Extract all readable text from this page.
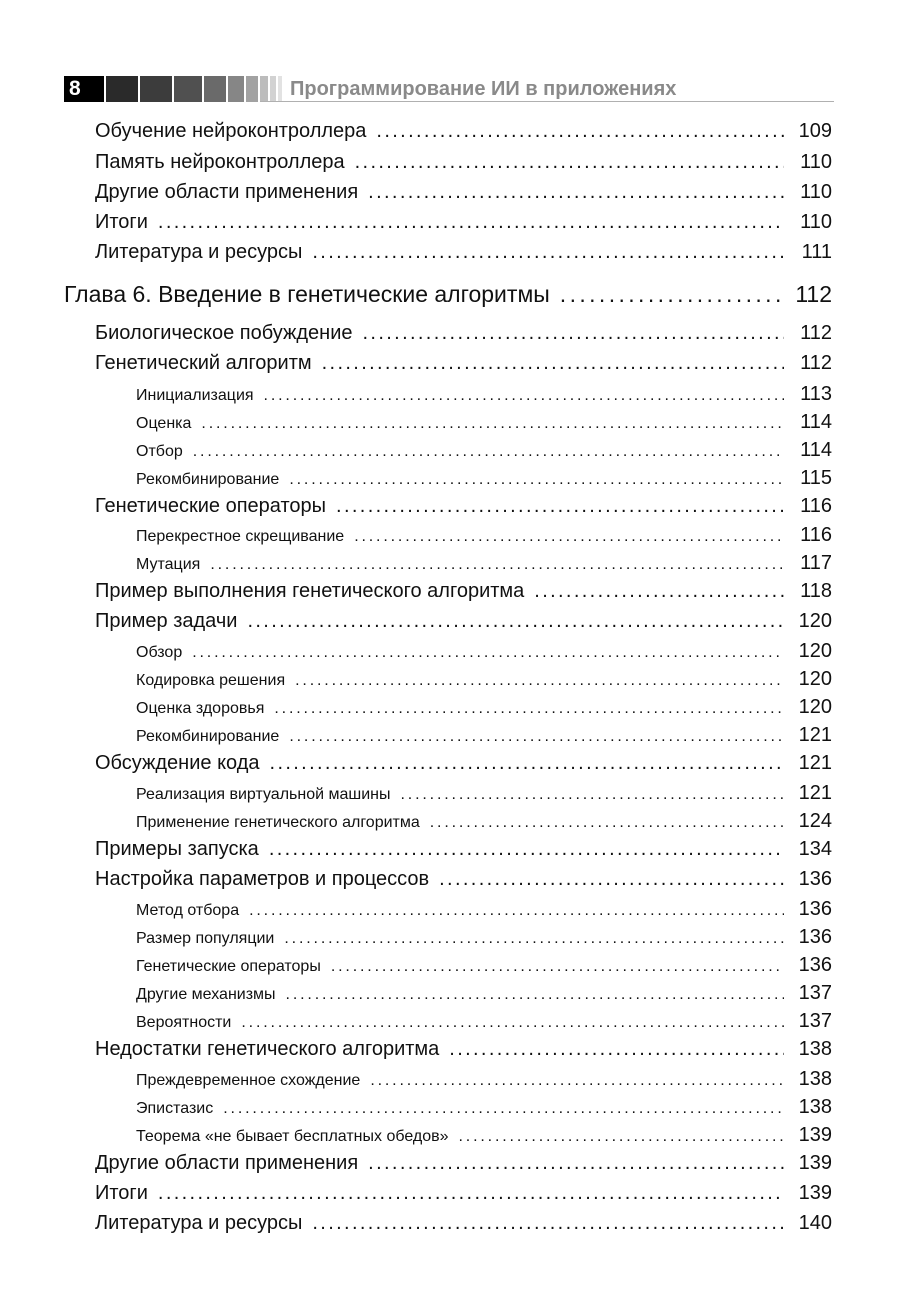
8	Программирование ИИ в приложениях
Обучение нейроконтроллера . . .	109
Память нейроконтроллера . . .	110
Другие области применения . . .	110
Итоги . . .	110
Литература и ресурсы . . .	111
Глава 6. Введение в генетические алгоритмы . . .	112
Биологическое побуждение . . .	112
Генетический алгоритм . . .	112
Инициализация . . .	113
Оценка . . .	114
Отбор . . .	114
Рекомбинирование . . .	115
Генетические операторы . . .	116
Перекрестное скрещивание . . .	116
Мутация . . .	117
Пример выполнения генетического алгоритма . . .	118
Пример задачи . . .	120
Обзор . . .	120
Кодировка решения . . .	120
Оценка здоровья . . .	120
Рекомбинирование . . .	121
Обсуждение кода . . .	121
Реализация виртуальной машины . . .	121
Применение генетического алгоритма . . .	124
Примеры запуска . . .	134
Настройка параметров и процессов . . .	136
Метод отбора . . .	136
Размер популяции . . .	136
Генетические операторы . . .	136
Другие механизмы . . .	137
Вероятности . . .	137
Недостатки генетического алгоритма . . .	138
Преждевременное схождение . . .	138
Эпистазис . . .	138
Теорема «не бывает бесплатных обедов» . . .	139
Другие области применения . . .	139
Итоги . . .	139
Литература и ресурсы . . .	140
